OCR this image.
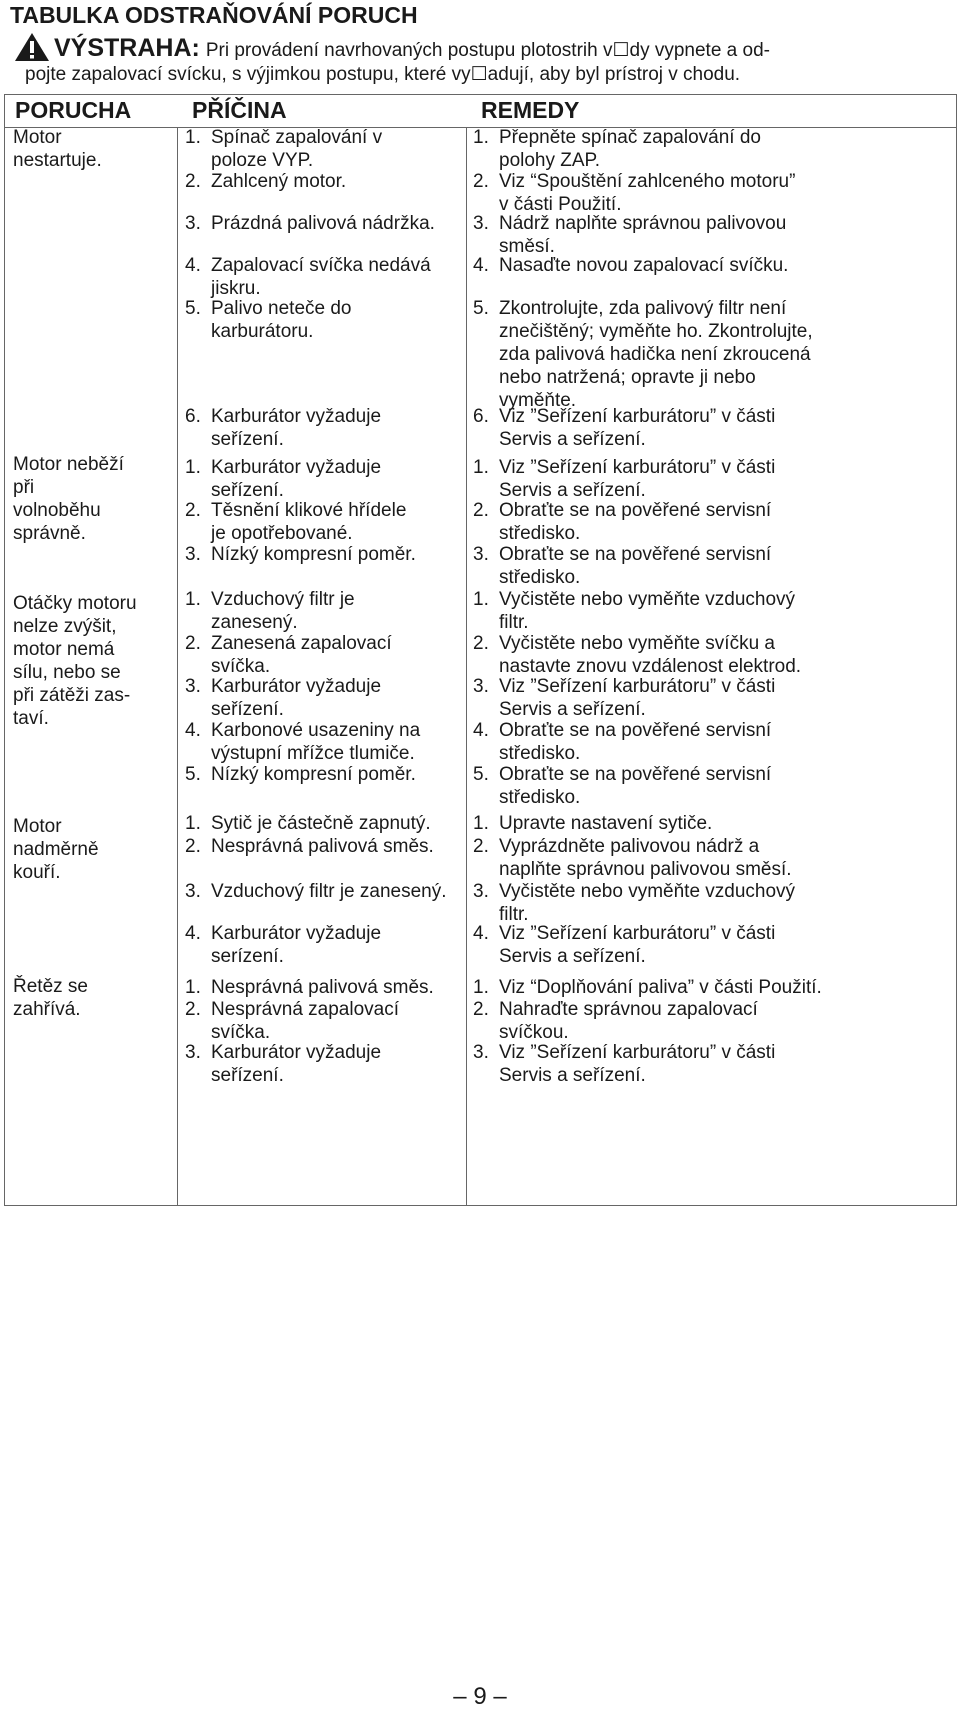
TABULKA ODSTRAŇOVÁNÍ PORUCH
VÝSTRAHA: Pri provádení navrhovaných postupu plotostrih v☐dy vypnete a od-
pojte zapalovací svícku, s výjimkou postupu, které vy☐adují, aby byl prístroj v chodu.
PORUCHA	PŘÍČINA	REMEDY
Motor
nestartuje.
1. Spínač zapalování v
poloze VYP.
2. Zahlcený motor.
3. Prázdná palivová nádržka.
4. Zapalovací svíčka nedává
jiskru.
5. Palivo neteče do
karburátoru.
6. Karburátor vyžaduje
seřízení.
1. Přepněte spínač zapalování do
polohy ZAP.
2. Viz “Spouštění zahlceného motoru”
v části Použití.
3. Nádrž naplňte správnou palivovou
směsí.
4. Nasaďte novou zapalovací svíčku.
5. Zkontrolujte, zda palivový filtr není
znečištěný; vyměňte ho. Zkontrolujte,
zda palivová hadička není zkroucená
nebo natržená; opravte ji nebo
vyměňte.
6. Viz ”Seřízení karburátoru” v části
Servis a seřízení.
Motor neběží
při
volnoběhu
správně.
1. Karburátor vyžaduje
seřízení.
2. Těsnění klikové hřídele
je opotřebované.
3. Nízký kompresní poměr.
1. Viz ”Seřízení karburátoru” v části
Servis a seřízení.
2. Obraťte se na pověřené servisní
středisko.
3. Obraťte se na pověřené servisní
středisko.
Otáčky motoru
nelze zvýšit,
motor nemá
sílu, nebo se
při zátěži zas-
taví.
1. Vzduchový filtr je
zanesený.
2. Zanesená zapalovací
svíčka.
3. Karburátor vyžaduje
seřízení.
4. Karbonové usazeniny na
výstupní mřížce tlumiče.
5. Nízký kompresní poměr.
1. Vyčistěte nebo vyměňte vzduchový
filtr.
2. Vyčistěte nebo vyměňte svíčku a
nastavte znovu vzdálenost elektrod.
3. Viz ”Seřízení karburátoru” v části
Servis a seřízení.
4. Obraťte se na pověřené servisní
středisko.
5. Obraťte se na pověřené servisní
středisko.
Motor
nadměrně
kouří.
1. Sytič je částečně zapnutý.
2. Nesprávná palivová směs.
3. Vzduchový filtr je zanesený.
4. Karburátor vyžaduje
serízení.
1. Upravte nastavení sytiče.
2. Vyprázdněte palivovou nádrž a
naplňte správnou palivovou směsí.
3. Vyčistěte nebo vyměňte vzduchový
filtr.
4. Viz ”Seřízení karburátoru” v části
Servis a seřízení.
Řetěz se
zahřívá.
1. Nesprávná palivová směs.
2. Nesprávná zapalovací
svíčka.
3. Karburátor vyžaduje
seřízení.
1. Viz “Doplňování paliva” v části Použití.
2. Nahraďte správnou zapalovací
svíčkou.
3. Viz ”Seřízení karburátoru” v části
Servis a seřízení.
– 9 –
